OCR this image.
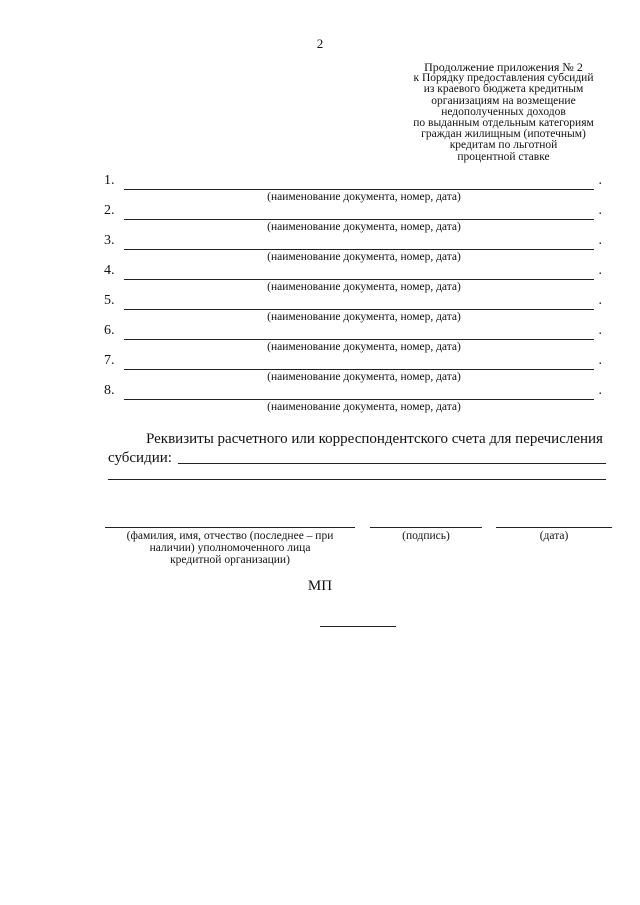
2
Продолжение приложения № 2
к Порядку предоставления субсидий
из краевого бюджета кредитным
организациям на возмещение
недополученных доходов
по выданным отдельным категориям
граждан жилищным (ипотечным)
кредитам по льготной
процентной ставке
1.	.
(наименование документа, номер, дата)
2.	.
(наименование документа, номер, дата)
3.	.
(наименование документа, номер, дата)
4.	.
(наименование документа, номер, дата)
5.	.
(наименование документа, номер, дата)
6.	.
(наименование документа, номер, дата)
7.	.
(наименование документа, номер, дата)
8.	.
(наименование документа, номер, дата)
Реквизиты расчетного или корреспондентского счета для перечисления
субсидии:
(фамилия, имя, отчество (последнее – при
наличии) уполномоченного лица
кредитной организации)
(подпись)	(дата)
МП
